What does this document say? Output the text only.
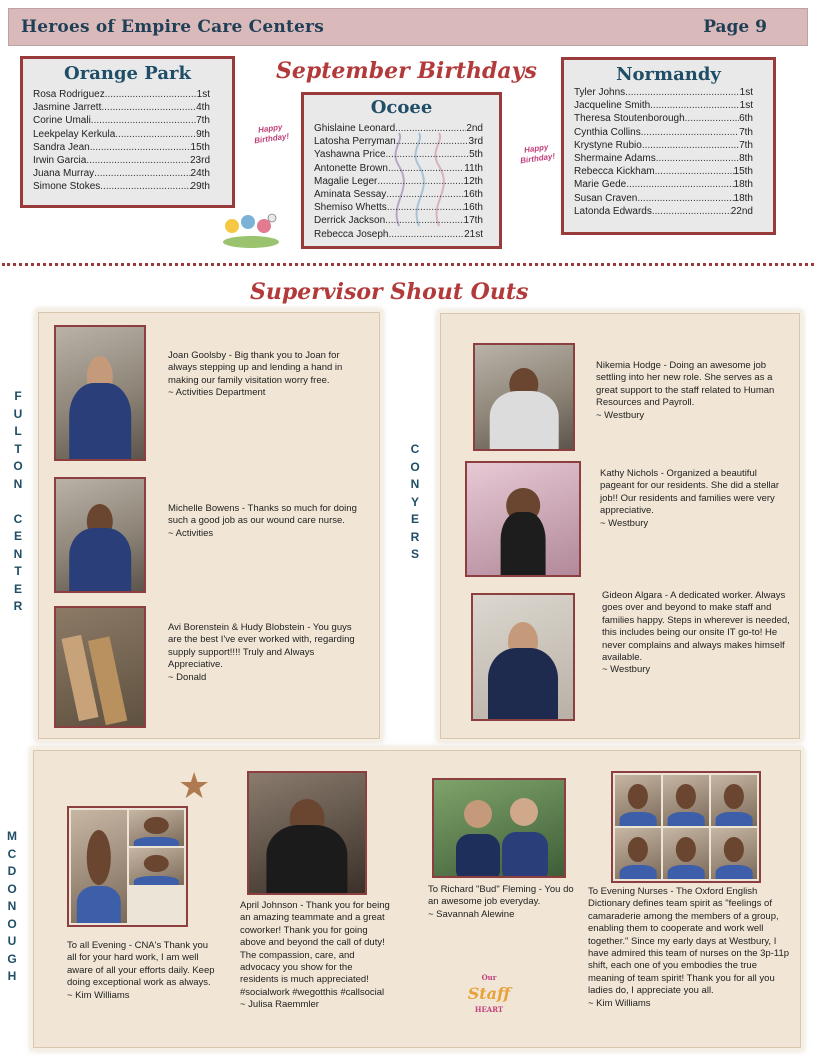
Heroes of Empire Care Centers	Page 9
September Birthdays
Orange Park
Rosa Rodriguez .....	1st
Jasmine Jarrett .....	4th
Corine Umali .....	7th
Leekpelay Kerkula .....	9th
Sandra Jean .....	15th
Irwin Garcia .....	23rd
Juana Murray .....	24th
Simone Stokes .....	29th
Happy Birthday!
Happy Birthday!
Ocoee
Ghislaine Leonard .....	2nd
Latosha Perryman .....	3rd
Yashawna Price .....	5th
Antonette Brown .....	11th
Magalie Leger .....	12th
Aminata Sessay .....	16th
Shemiso Whetts .....	16th
Derrick Jackson .....	17th
Rebecca Joseph .....	21st
Normandy
Tyler Johns .....	1st
Jacqueline Smith .....	1st
Theresa Stoutenborough .....	6th
Cynthia Collins .....	7th
Krystyne Rubio .....	7th
Shermaine Adams .....	8th
Rebecca Kickham .....	15th
Marie Gede .....	18th
Susan Craven .....	18th
Latonda Edwards .....	22nd
Supervisor Shout Outs
F
U
L
T
O
N
C
E
N
T
E
R
C
O
N
Y
E
R
S
M
C
D
O
N
O
U
G
H
Joan Goolsby - Big thank you to Joan for always stepping up and lending a hand in making our family visitation worry free.
~ Activities Department
Michelle Bowens - Thanks so much for doing such a good job as our wound care nurse.
~ Activities
Avi Borenstein & Hudy Blobstein - You guys are the best I've ever worked with, regarding supply support!!!! Truly and Always Appreciative.
~ Donald
Nikemia Hodge - Doing an awesome job settling into her new role. She serves as a great support to the staff related to Human Resources and Payroll.
~ Westbury
Kathy Nichols - Organized a beautiful pageant for our residents. She did a stellar job!! Our residents and families were very appreciative.
~ Westbury
Gideon Algara - A dedicated worker. Always goes over and beyond to make staff and families happy. Steps in wherever is needed, this includes being our onsite IT go-to! He never complains and always makes himself available.
~ Westbury
★
To all Evening - CNA's Thank you all for your hard work, I am well aware of all your efforts daily. Keep doing exceptional work as always.
~ Kim Williams
April Johnson - Thank you for being an amazing teammate and a great coworker! Thank you for going above and beyond the call of duty! The compassion, care, and advocacy you show for the residents is much appreciated! #socialwork #wegotthis #callsocial
~ Julisa Raemmler
To Richard "Bud" Fleming - You do an awesome job everyday.
~ Savannah Alewine
Our
Staff
HEART
To Evening Nurses - The Oxford English Dictionary defines team spirit as "feelings of camaraderie among the members of a group, enabling them to cooperate and work well together." Since my early days at Westbury, I have admired this team of nurses on the 3p-11p shift, each one of you embodies the true meaning of team spirit! Thank you for all you ladies do, I appreciate you all.
~ Kim Williams
